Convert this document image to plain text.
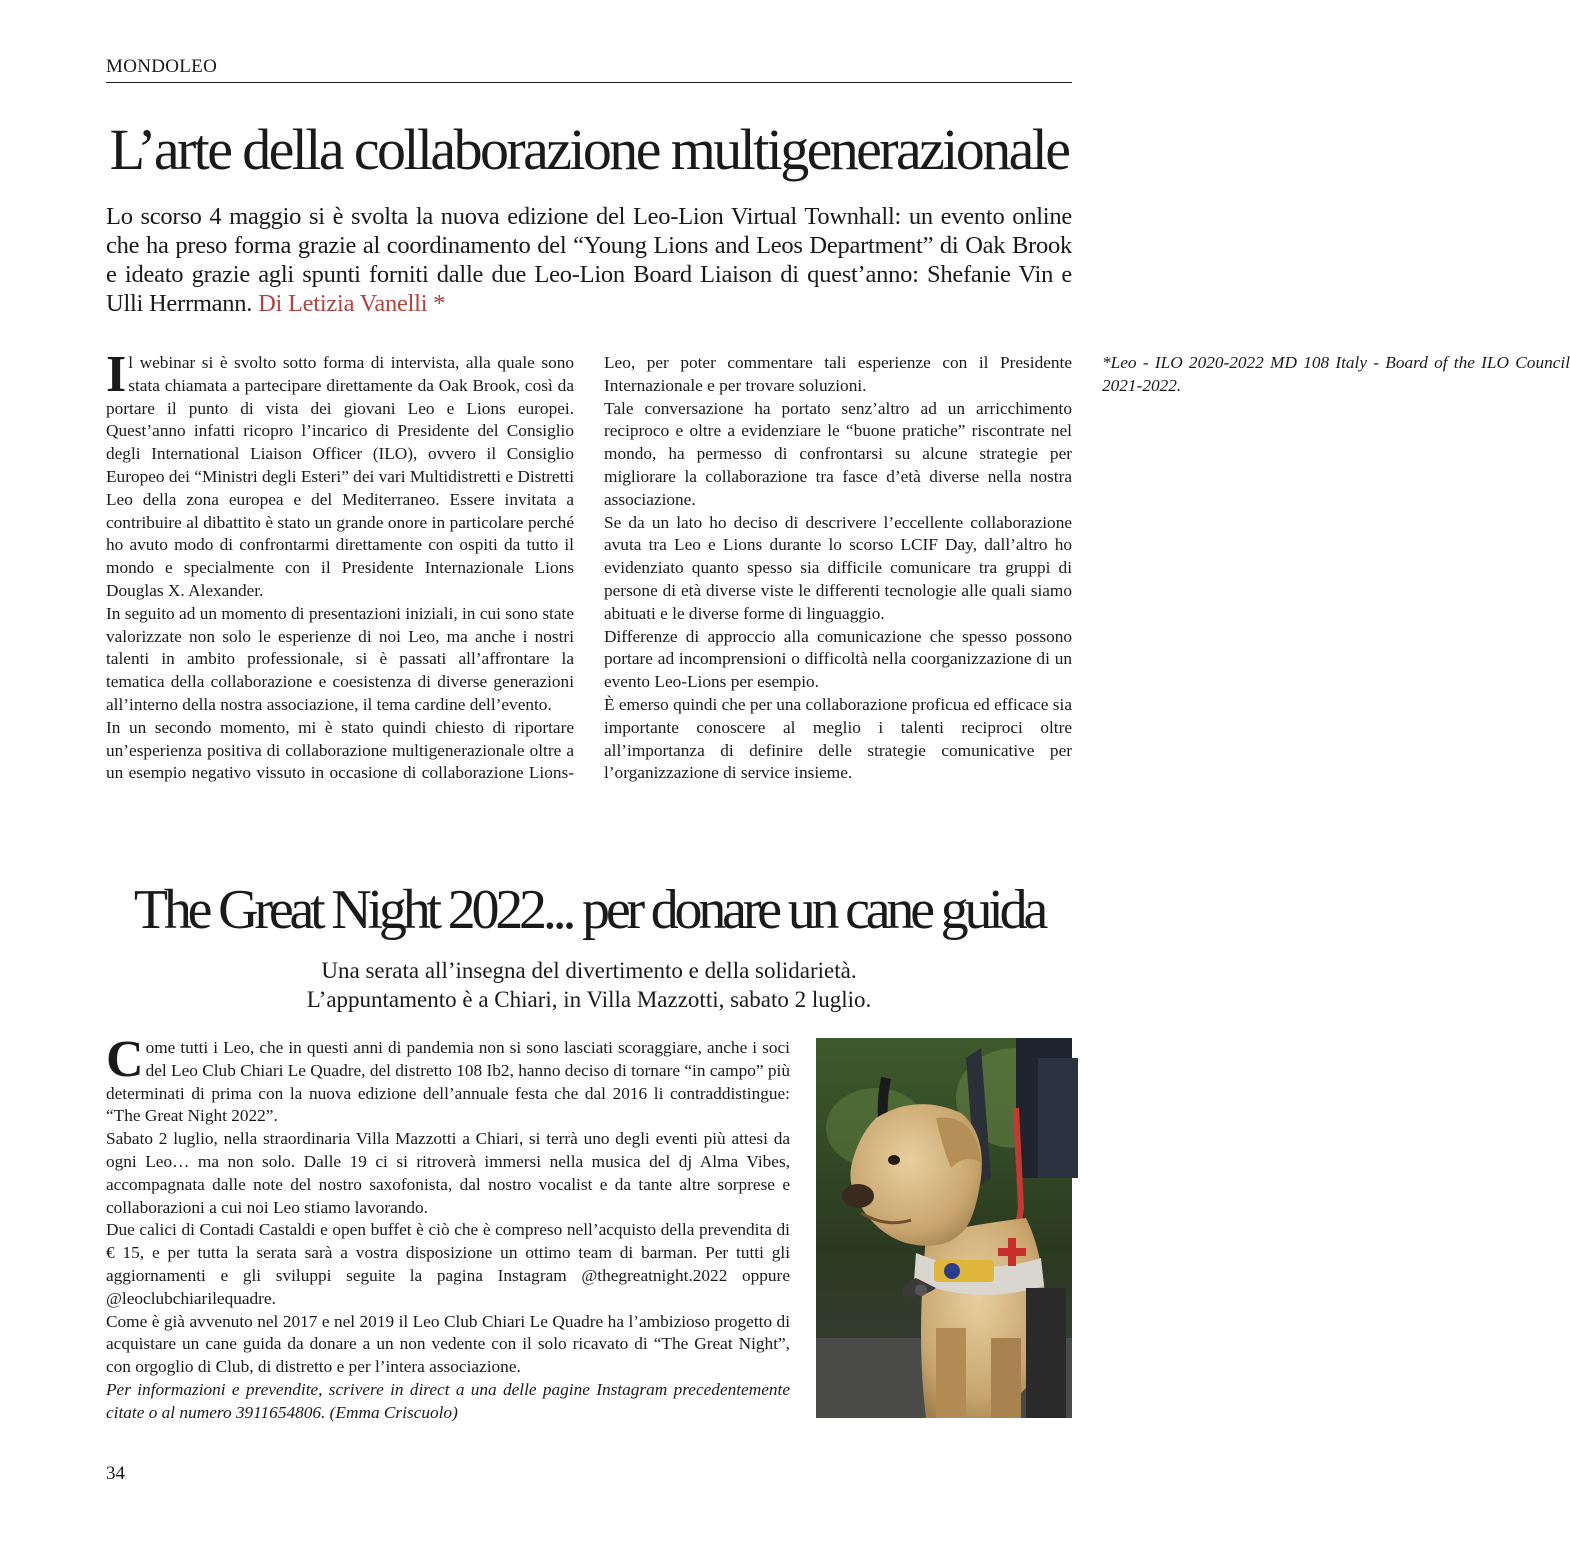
MONDOLEO
L’arte della collaborazione multigenerazionale
Lo scorso 4 maggio si è svolta la nuova edizione del Leo-Lion Virtual Townhall: un evento online che ha preso forma grazie al coordinamento del “Young Lions and Leos Department” di Oak Brook e ideato grazie agli spunti forniti dalle due Leo-Lion Board Liaison di quest’anno: Shefanie Vin e Ulli Herrmann. Di Letizia Vanelli *

Il webinar si è svolto sotto forma di intervista, alla quale sono stata chiamata a partecipare direttamente da Oak Brook, così da portare il punto di vista dei giovani Leo e Lions europei. Quest’anno infatti ricopro l’incarico di Presidente del Consiglio degli International Liaison Officer (ILO), ovvero il Consiglio Europeo dei “Ministri degli Esteri” dei vari Multidistretti e Distretti Leo della zona europea e del Mediterraneo. Essere invitata a contribuire al dibattito è stato un grande onore in particolare perché ho avuto modo di confrontarmi direttamente con ospiti da tutto il mondo e specialmente con il Presidente Internazionale Lions Douglas X. Alexander.

In seguito ad un momento di presentazioni iniziali, in cui sono state valorizzate non solo le esperienze di noi Leo, ma anche i nostri talenti in ambito professionale, si è passati all’affrontare la tematica della collaborazione e coesistenza di diverse generazioni all’interno della nostra associazione, il tema cardine dell’evento.

In un secondo momento, mi è stato quindi chiesto di riportare un’esperienza positiva di collaborazione multigenerazionale oltre a un esempio negativo vissuto in occasione di collaborazione Lions-Leo, per poter commentare tali esperienze con il Presidente Internazionale e per trovare soluzioni.

Tale conversazione ha portato senz’altro ad un arricchimento reciproco e oltre a evidenziare le “buone pratiche” riscontrate nel mondo, ha permesso di confrontarsi su alcune strategie per migliorare la collaborazione tra fasce d’età diverse nella nostra associazione.

Se da un lato ho deciso di descrivere l’eccellente collaborazione avuta tra Leo e Lions durante lo scorso LCIF Day, dall’altro ho evidenziato quanto spesso sia difficile comunicare tra gruppi di persone di età diverse viste le differenti tecnologie alle quali siamo abituati e le diverse forme di linguaggio.

Differenze di approccio alla comunicazione che spesso possono portare ad incomprensioni o difficoltà nella coorganizzazione di un evento Leo-Lions per esempio.

È emerso quindi che per una collaborazione proficua ed efficace sia importante conoscere al meglio i talenti reciproci oltre all’importanza di definire delle strategie comunicative per l’organizzazione di service insieme.

*Leo - ILO 2020-2022 MD 108 Italy - Board of the ILO Council 2021-2022.

The Great Night 2022... per donare un cane guida
Una serata all’insegna del divertimento e della solidarietà.
L’appuntamento è a Chiari, in Villa Mazzotti, sabato 2 luglio.

Come tutti i Leo, che in questi anni di pandemia non si sono lasciati scoraggiare, anche i soci del Leo Club Chiari Le Quadre, del distretto 108 Ib2, hanno deciso di tornare “in campo” più determinati di prima con la nuova edizione dell’annuale festa che dal 2016 li contraddistingue: “The Great Night 2022”.

Sabato 2 luglio, nella straordinaria Villa Mazzotti a Chiari, si terrà uno degli eventi più attesi da ogni Leo… ma non solo. Dalle 19 ci si ritroverà immersi nella musica del dj Alma Vibes, accompagnata dalle note del nostro saxofonista, dal nostro vocalist e da tante altre sorprese e collaborazioni a cui noi Leo stiamo lavorando.

Due calici di Contadi Castaldi e open buffet è ciò che è compreso nell’acquisto della prevendita di € 15, e per tutta la serata sarà a vostra disposizione un ottimo team di barman. Per tutti gli aggiornamenti e gli sviluppi seguite la pagina Instagram @thegreatnight.2022 oppure @leoclubchiarilequadre.

Come è già avvenuto nel 2017 e nel 2019 il Leo Club Chiari Le Quadre ha l’ambizioso progetto di acquistare un cane guida da donare a un non vedente con il solo ricavato di “The Great Night”, con orgoglio di Club, di distretto e per l’intera associazione.

Per informazioni e prevendite, scrivere in direct a una delle pagine Instagram precedentemente citate o al numero 3911654806. (Emma Criscuolo)

34
